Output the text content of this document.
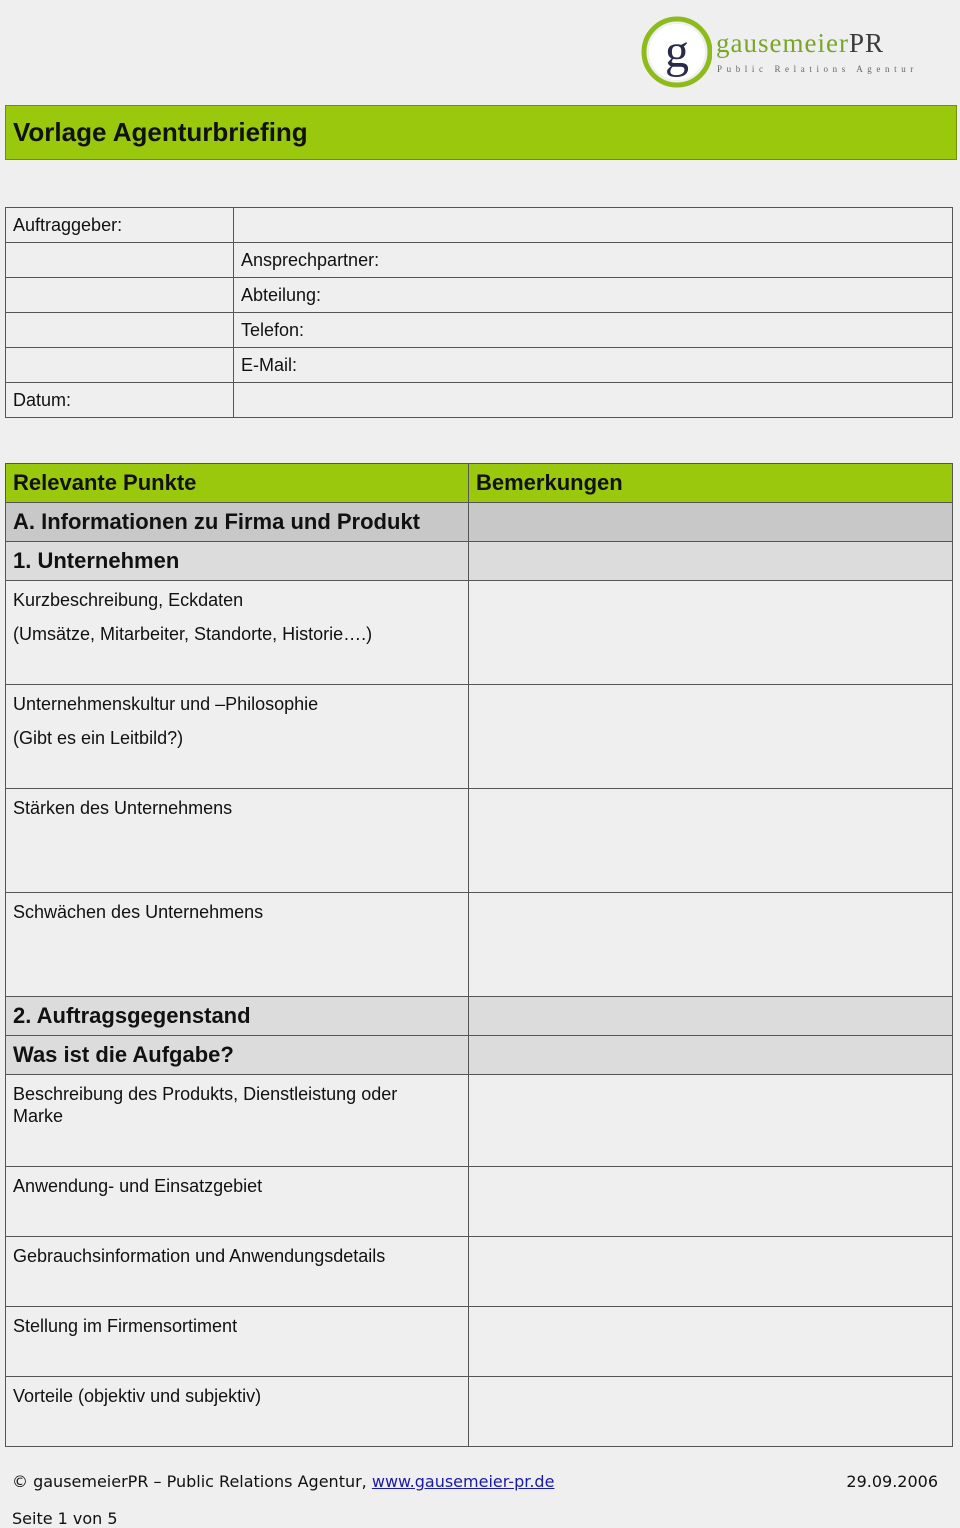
g gausemeierPR
Public Relations Agentur
Vorlage Agenturbriefing
Auftraggeber:	
	Ansprechpartner:
	Abteilung:
	Telefon:
	E-Mail:
Datum:	
Relevante Punkte	Bemerkungen
A. Informationen zu Firma und Produkt	
1. Unternehmen	

Kurzbeschreibung, Eckdaten
(Umsätze, Mitarbeiter, Standorte, Historie….)	

Unternehmenskultur und –Philosophie
(Gibt es ein Leitbild?)	

Stärken des Unternehmens	

Schwächen des Unternehmens	

2. Auftragsgegenstand	
Was ist die Aufgabe?	

Beschreibung des Produkts, Dienstleistung oder
Marke	

Anwendung- und Einsatzgebiet	

Gebrauchsinformation und Anwendungsdetails	

Stellung im Firmensortiment	

Vorteile (objektiv und subjektiv)	

© gausemeierPR – Public Relations Agentur, www.gausemeier-pr.de	29.09.2006
Seite 1 von 5
